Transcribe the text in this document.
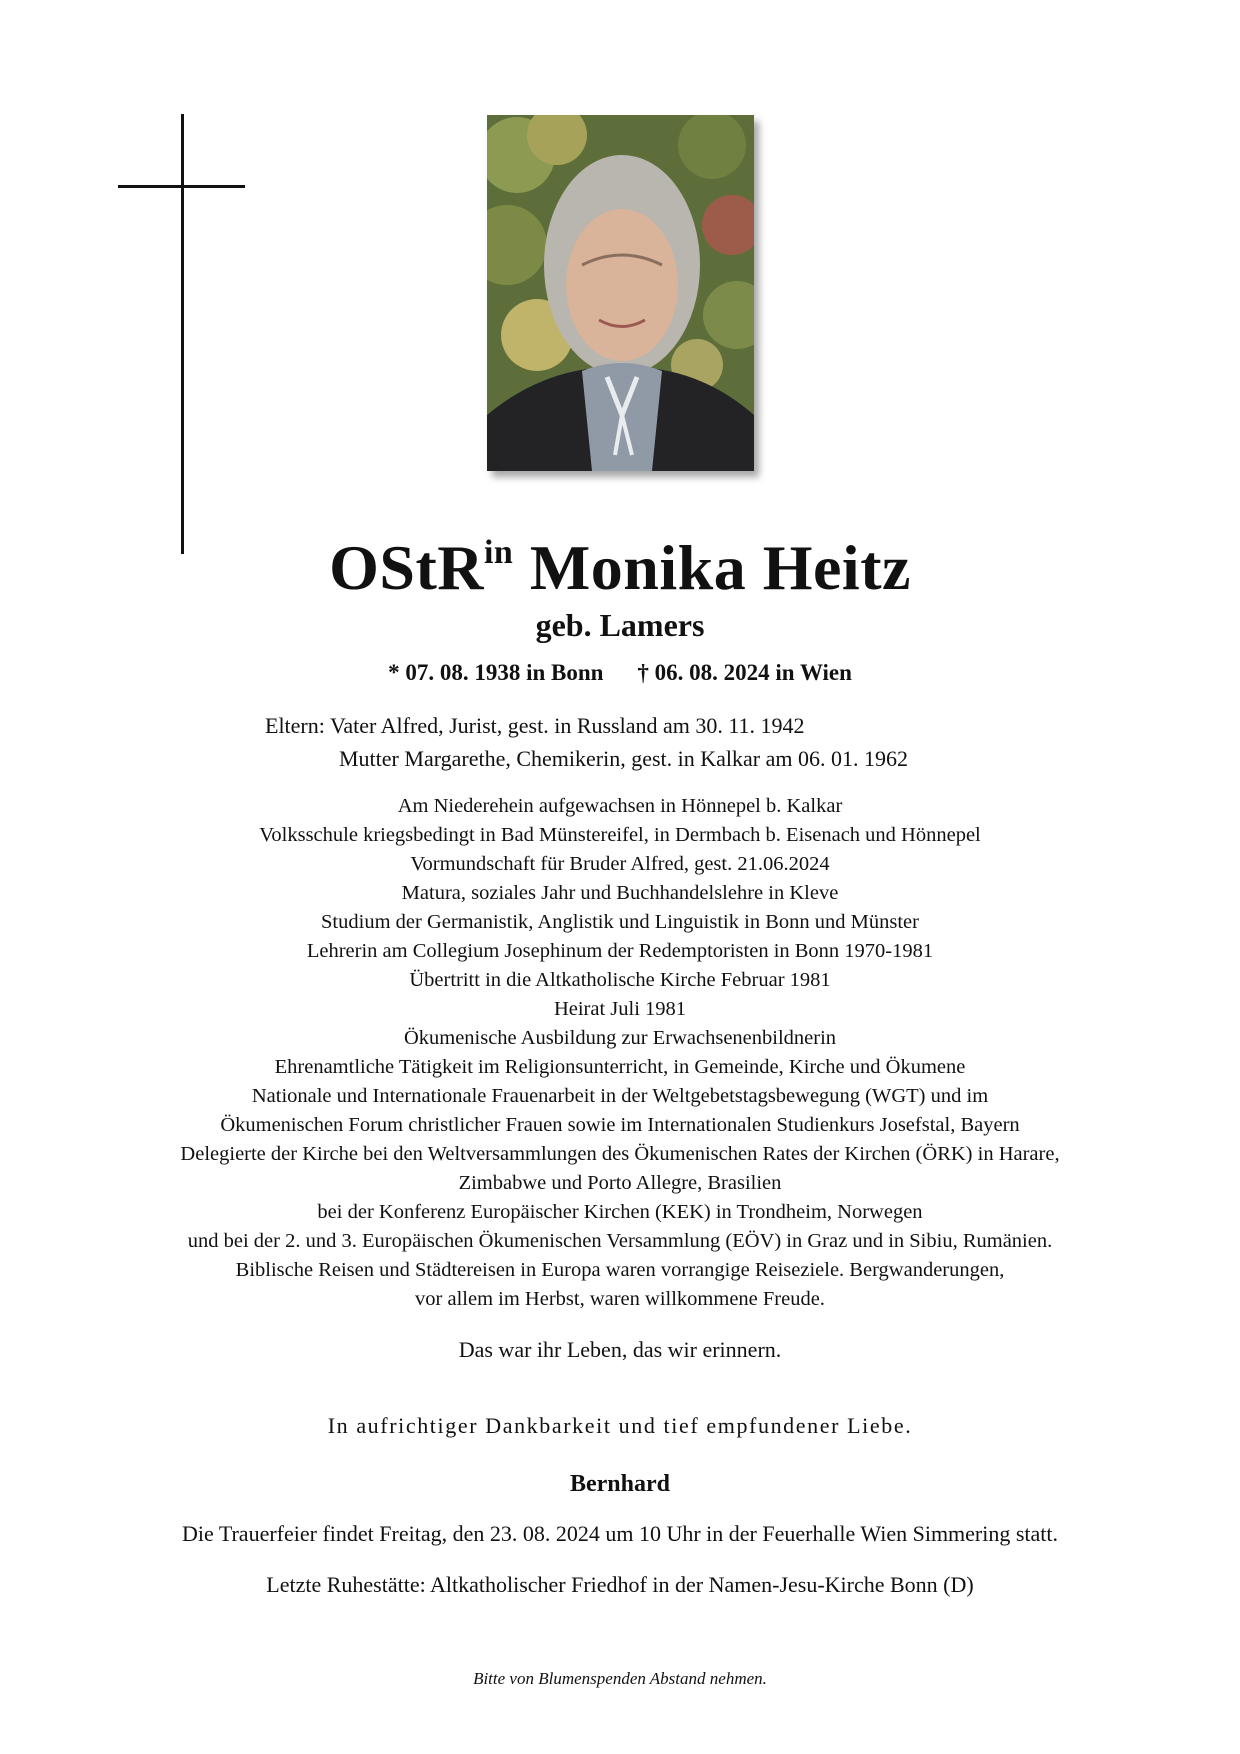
OStR$^{in}$ Monika Heitz
geb. Lamers
* 07. 08. 1938 in Bonn † 06. 08. 2024 in Wien
Eltern: Vater Alfred, Jurist, gest. in Russland am 30. 11. 1942
Mutter Margarethe, Chemikerin, gest. in Kalkar am 06. 01. 1962
Am Niederehein aufgewachsen in Hönnepel b. Kalkar
Volksschule kriegsbedingt in Bad Münstereifel, in Dermbach b. Eisenach und Hönnepel
Vormundschaft für Bruder Alfred, gest. 21.06.2024
Matura, soziales Jahr und Buchhandelslehre in Kleve
Studium der Germanistik, Anglistik und Linguistik in Bonn und Münster
Lehrerin am Collegium Josephinum der Redemptoristen in Bonn 1970-1981
Übertritt in die Altkatholische Kirche Februar 1981
Heirat Juli 1981
Ökumenische Ausbildung zur Erwachsenenbildnerin
Ehrenamtliche Tätigkeit im Religionsunterricht, in Gemeinde, Kirche und Ökumene
Nationale und Internationale Frauenarbeit in der Weltgebetstagsbewegung (WGT) und im
Ökumenischen Forum christlicher Frauen sowie im Internationalen Studienkurs Josefstal, Bayern
Delegierte der Kirche bei den Weltversammlungen des Ökumenischen Rates der Kirchen (ÖRK) in Harare,
Zimbabwe und Porto Allegre, Brasilien
bei der Konferenz Europäischer Kirchen (KEK) in Trondheim, Norwegen
und bei der 2. und 3. Europäischen Ökumenischen Versammlung (EÖV) in Graz und in Sibiu, Rumänien.
Biblische Reisen und Städtereisen in Europa waren vorrangige Reiseziele. Bergwanderungen,
vor allem im Herbst, waren willkommene Freude.
Das war ihr Leben, das wir erinnern.
In aufrichtiger Dankbarkeit und tief empfundener Liebe.
Bernhard
Die Trauerfeier findet Freitag, den 23. 08. 2024 um 10 Uhr in der Feuerhalle Wien Simmering statt.
Letzte Ruhestätte: Altkatholischer Friedhof in der Namen-Jesu-Kirche Bonn (D)
Bitte von Blumenspenden Abstand nehmen.
